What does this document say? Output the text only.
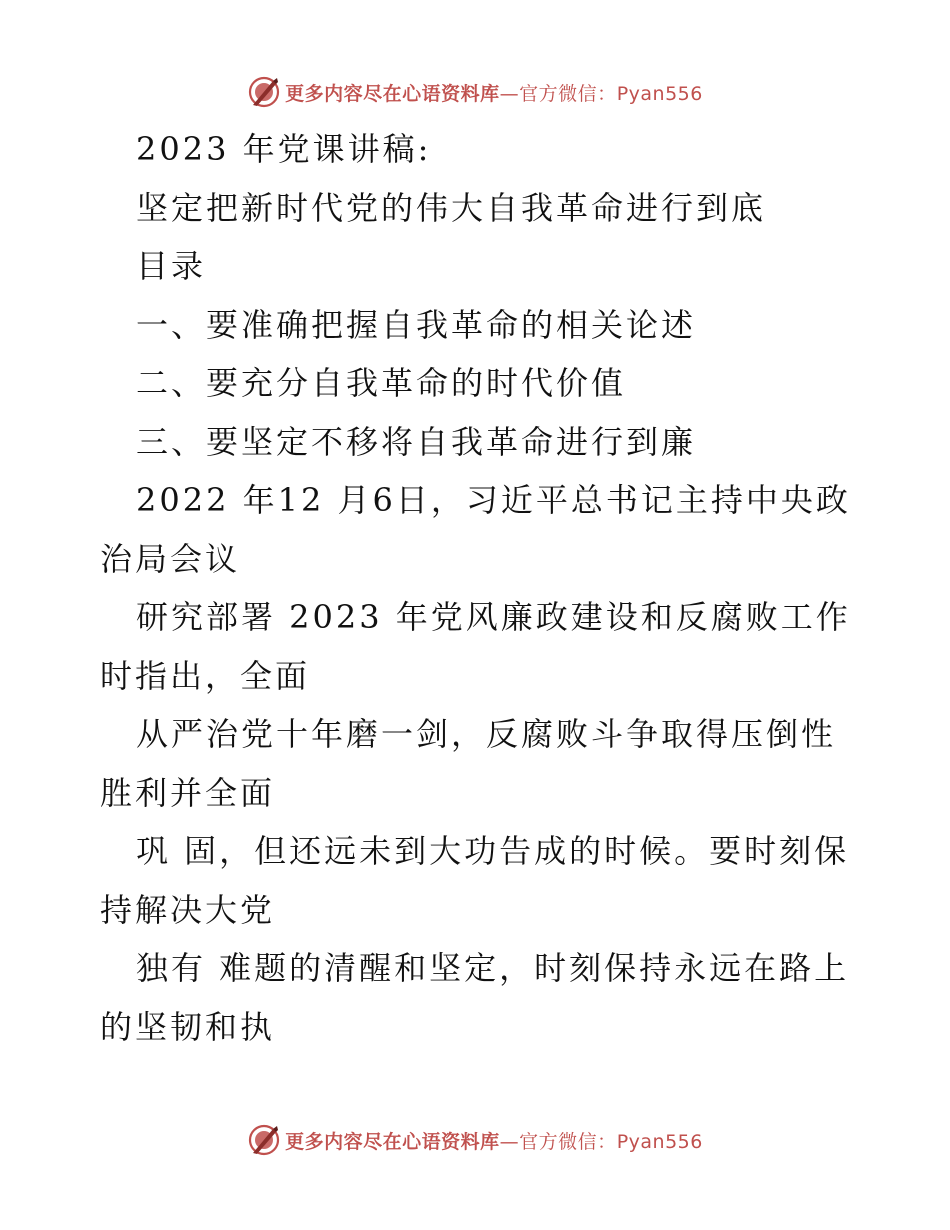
更多内容尽在心语资料库—官方微信：Pyan556

2023 年党课讲稿:

坚定把新时代党的伟大自我革命进行到底

目录

一、要准确把握自我革命的相关论述

二、要充分自我革命的时代价值

三、要坚定不移将自我革命进行到廉

2022 年12 月6日，习近平总书记主持中央政治局会议

研究部署 2023 年党风廉政建设和反腐败工作时指出，全面

从严治党十年磨一剑，反腐败斗争取得压倒性胜利并全面

巩 固，但还远未到大功告成的时候。要时刻保持解决大党

独有 难题的清醒和坚定，时刻保持永远在路上的坚韧和执

更多内容尽在心语资料库—官方微信：Pyan556
